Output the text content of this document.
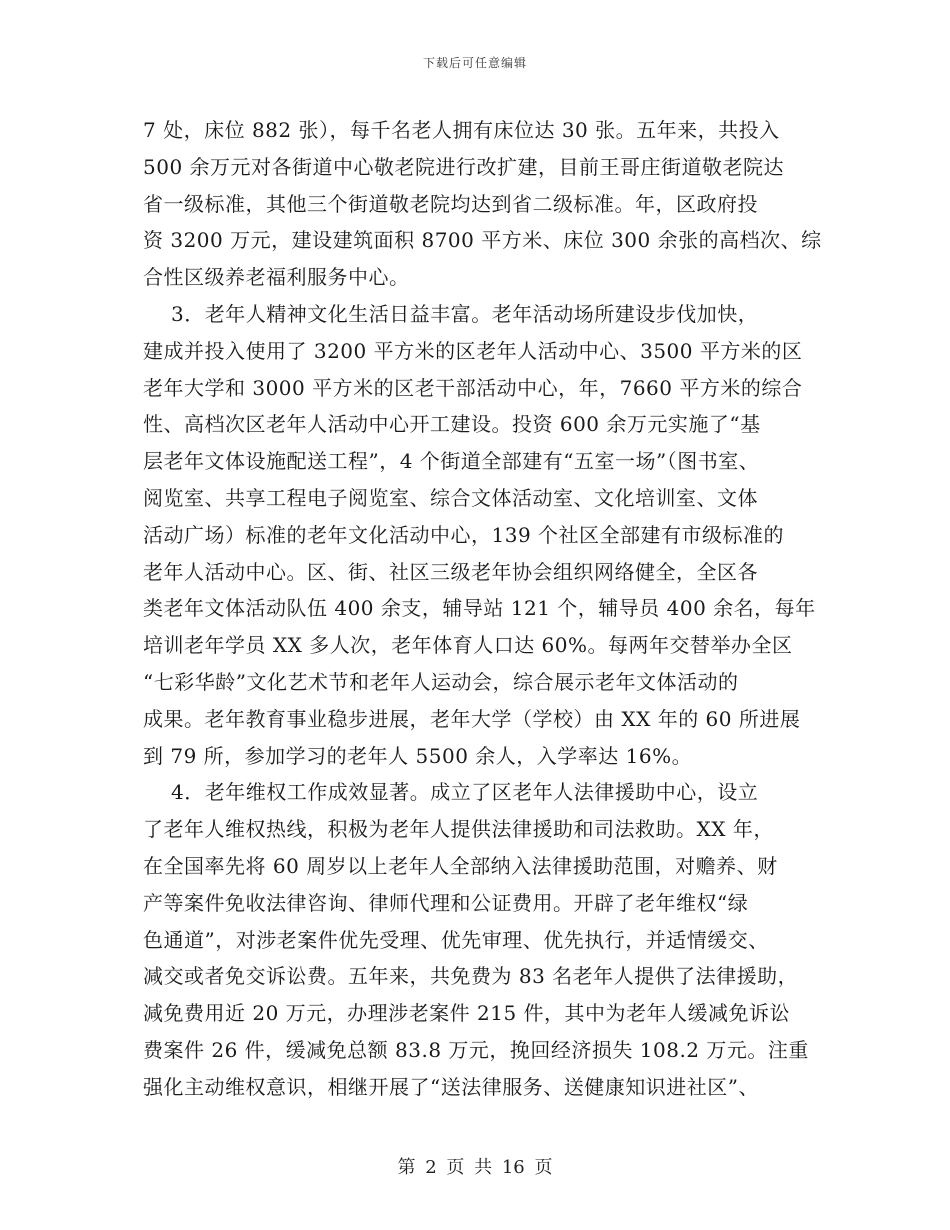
下载后可任意编辑
7 处，床位 882 张），每千名老人拥有床位达 30 张。五年来，共投入
500 余万元对各街道中心敬老院进行改扩建，目前王哥庄街道敬老院达
省一级标准，其他三个街道敬老院均达到省二级标准。年，区政府投
资 3200 万元，建设建筑面积 8700 平方米、床位 300 余张的高档次、综
合性区级养老福利服务中心。
3．老年人精神文化生活日益丰富。老年活动场所建设步伐加快，
建成并投入使用了 3200 平方米的区老年人活动中心、3500 平方米的区
老年大学和 3000 平方米的区老干部活动中心，年，7660 平方米的综合
性、高档次区老年人活动中心开工建设。投资 600 余万元实施了“基
层老年文体设施配送工程”，4 个街道全部建有“五室一场”（图书室、
阅览室、共享工程电子阅览室、综合文体活动室、文化培训室、文体
活动广场）标准的老年文化活动中心，139 个社区全部建有市级标准的
老年人活动中心。区、街、社区三级老年协会组织网络健全，全区各
类老年文体活动队伍 400 余支，辅导站 121 个，辅导员 400 余名，每年
培训老年学员 XX 多人次，老年体育人口达 60%。每两年交替举办全区
“七彩华龄”文化艺术节和老年人运动会，综合展示老年文体活动的
成果。老年教育事业稳步进展，老年大学（学校）由 XX 年的 60 所进展
到 79 所，参加学习的老年人 5500 余人，入学率达 16%。
4．老年维权工作成效显著。成立了区老年人法律援助中心，设立
了老年人维权热线，积极为老年人提供法律援助和司法救助。XX 年，
在全国率先将 60 周岁以上老年人全部纳入法律援助范围，对赡养、财
产等案件免收法律咨询、律师代理和公证费用。开辟了老年维权“绿
色通道”，对涉老案件优先受理、优先审理、优先执行，并适情缓交、
减交或者免交诉讼费。五年来，共免费为 83 名老年人提供了法律援助，
减免费用近 20 万元，办理涉老案件 215 件，其中为老年人缓减免诉讼
费案件 26 件，缓减免总额 83.8 万元，挽回经济损失 108.2 万元。注重
强化主动维权意识，相继开展了“送法律服务、送健康知识进社区”、
第 2 页 共 16 页
